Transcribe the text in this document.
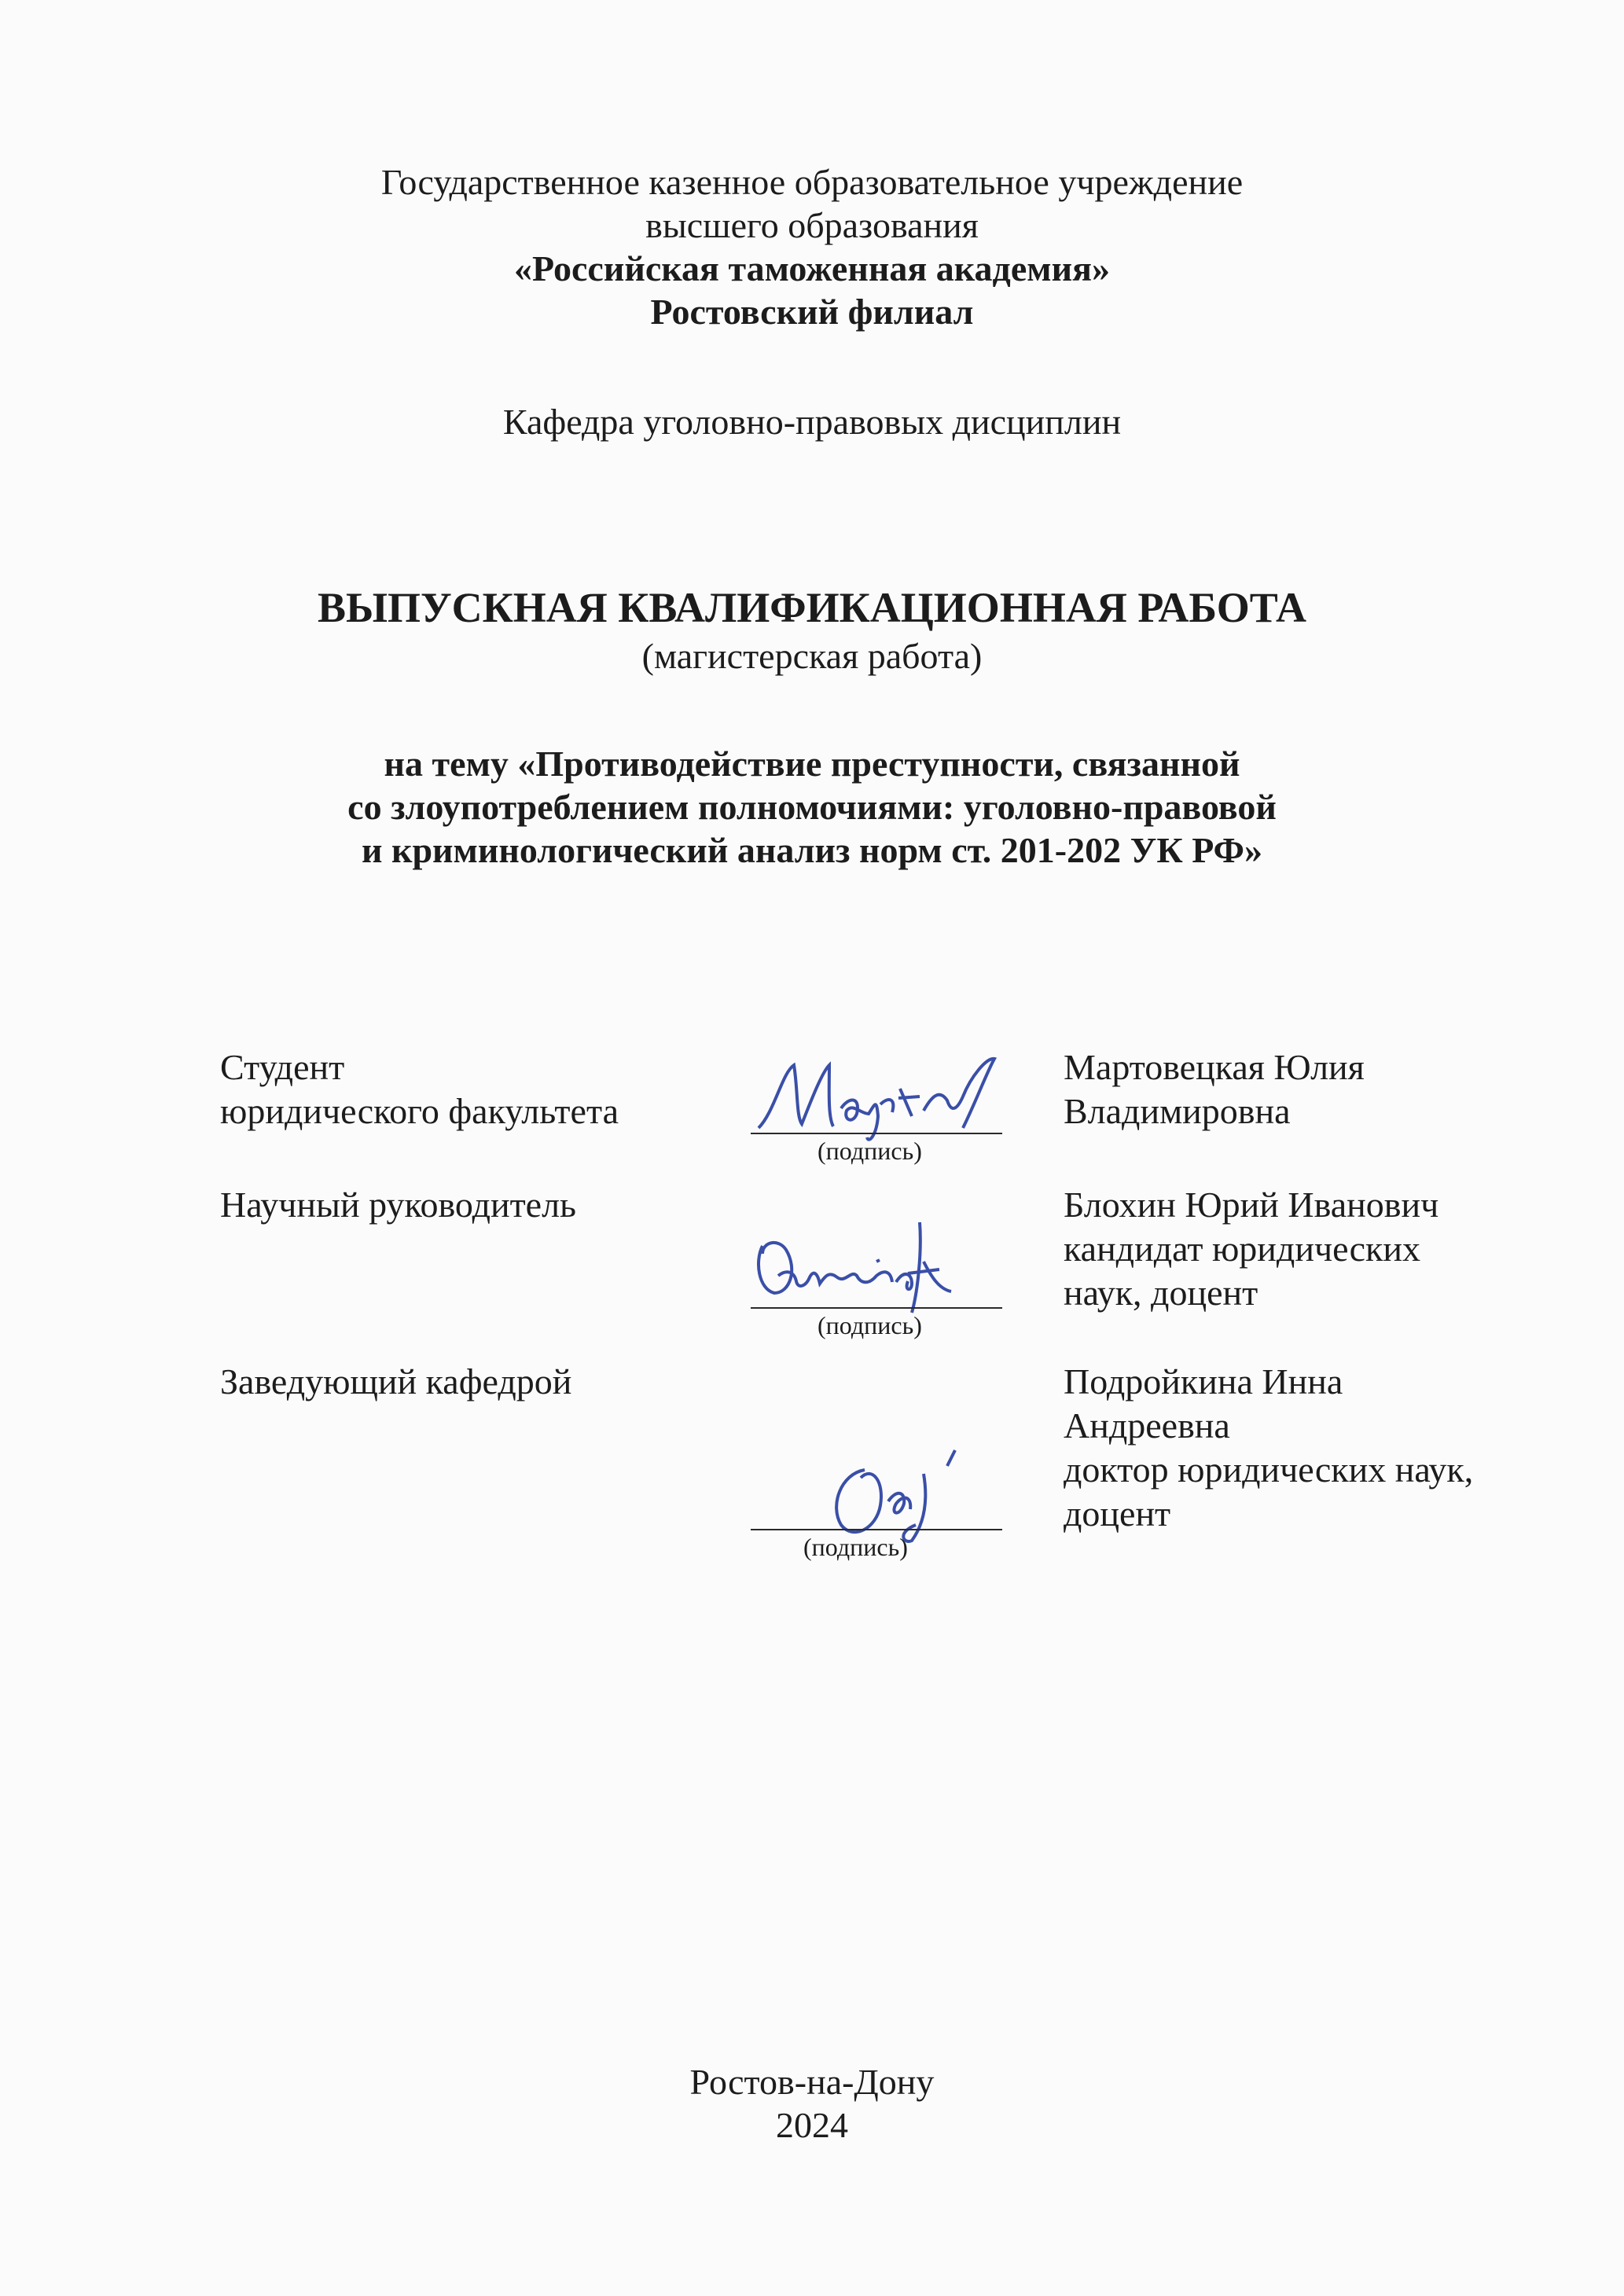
Государственное казенное образовательное учреждение
высшего образования
«Российская таможенная академия»
Ростовский филиал
Кафедра уголовно-правовых дисциплин
ВЫПУСКНАЯ КВАЛИФИКАЦИОННАЯ РАБОТА
(магистерская работа)
на тему «Противодействие преступности, связанной
со злоупотреблением полномочиями: уголовно-правовой
и криминологический анализ норм ст. 201-202 УК РФ»
Студент
юридического факультета
(подпись)
Мартовецкая Юлия
Владимировна
Научный руководитель
(подпись)
Блохин Юрий Иванович
кандидат юридических
наук, доцент
Заведующий кафедрой
(подпись)
Подройкина Инна
Андреевна
доктор юридических наук,
доцент
Ростов-на-Дону
2024
